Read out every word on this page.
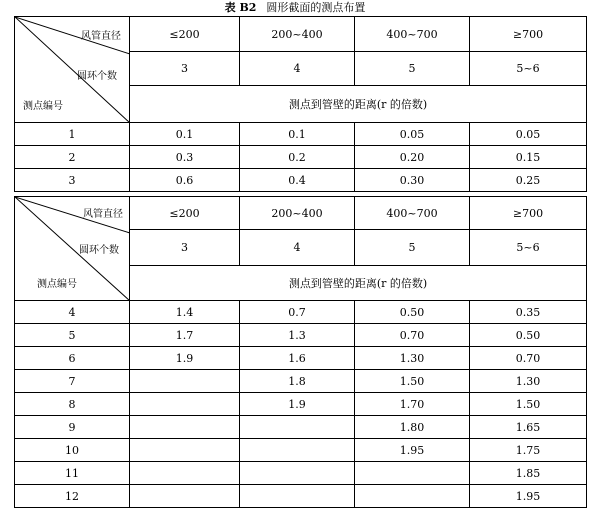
表 B2 圆形截面的测点布置
风管直径
圆环个数
测点编号	≤200	200~400	400~700	≥700
	3	4	5	5~6
	测点到管壁的距离(r 的倍数)			
1	0.1	0.1	0.05	0.05
2	0.3	0.2	0.20	0.15
3	0.6	0.4	0.30	0.25
风管直径
圆环个数
测点编号	≤200	200~400	400~700	≥700
	3	4	5	5~6
	测点到管壁的距离(r 的倍数)			
4	1.4	0.7	0.50	0.35
5	1.7	1.3	0.70	0.50
6	1.9	1.6	1.30	0.70
7		1.8	1.50	1.30
8		1.9	1.70	1.50
9			1.80	1.65
10			1.95	1.75
11				1.85
12				1.95
